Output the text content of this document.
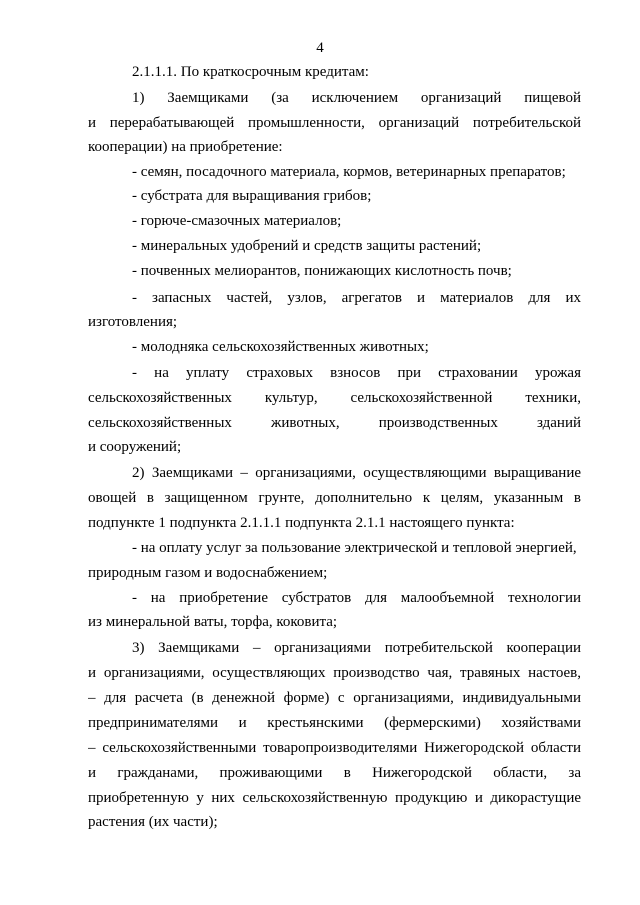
4
2.1.1.1. По краткосрочным кредитам:
1) Заемщиками (за исключением организаций пищевой
и перерабатывающей промышленности, организаций потребительской
кооперации) на приобретение:
- семян, посадочного материала, кормов, ветеринарных препаратов;
- субстрата для выращивания грибов;
- горюче-смазочных материалов;
- минеральных удобрений и средств защиты растений;
- почвенных мелиорантов, понижающих кислотность почв;
- запасных частей, узлов, агрегатов и материалов для их
изготовления;
- молодняка сельскохозяйственных животных;
- на уплату страховых взносов при страховании урожая
сельскохозяйственных культур, сельскохозяйственной техники,
сельскохозяйственных животных, производственных зданий
и сооружений;
2) Заемщиками – организациями, осуществляющими выращивание
овощей в защищенном грунте, дополнительно к целям, указанным в
подпункте 1 подпункта 2.1.1.1 подпункта 2.1.1 настоящего пункта:
- на оплату услуг за пользование электрической и тепловой энергией,
природным газом и водоснабжением;
- на приобретение субстратов для малообъемной технологии
из минеральной ваты, торфа, коковита;
3) Заемщиками – организациями потребительской кооперации
и организациями, осуществляющих производство чая, травяных настоев,
– для расчета (в денежной форме) с организациями, индивидуальными
предпринимателями и крестьянскими (фермерскими) хозяйствами
– сельскохозяйственными товаропроизводителями Нижегородской области
и гражданами, проживающими в Нижегородской области, за
приобретенную у них сельскохозяйственную продукцию и дикорастущие
растения (их части);
